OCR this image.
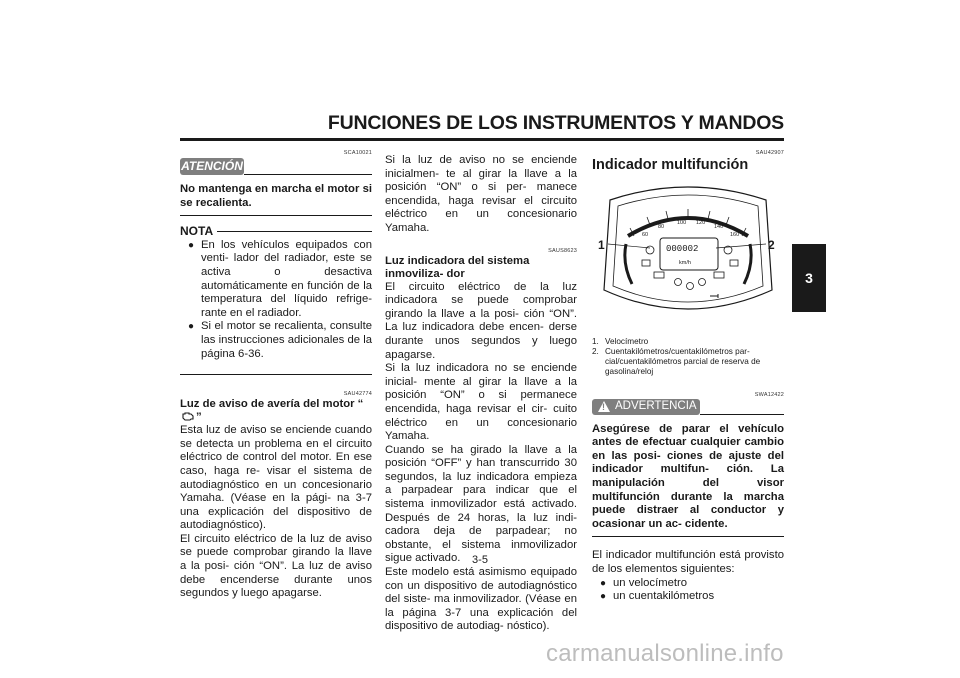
FUNCIONES DE LOS INSTRUMENTOS Y MANDOS
3
SCA10021
ATENCIÓN
No mantenga en marcha el motor si se recalienta.
NOTA
● En los vehículos equipados con venti- lador del radiador, este se activa o desactiva automáticamente en función de la temperatura del líquido refrige- rante en el radiador.
● Si el motor se recalienta, consulte las instrucciones adicionales de la página 6-36.
SAU42774
Luz de aviso de avería del motor “”
Esta luz de aviso se enciende cuando se detecta un problema en el circuito eléctrico de control del motor. En ese caso, haga re- visar el sistema de autodiagnóstico en un concesionario Yamaha. (Véase en la pági- na 3-7 una explicación del dispositivo de autodiagnóstico).
El circuito eléctrico de la luz de aviso se puede comprobar girando la llave a la posi- ción “ON”. La luz de aviso debe encenderse durante unos segundos y luego apagarse.
Si la luz de aviso no se enciende inicialmen- te al girar la llave a la posición “ON” o si per- manece encendida, haga revisar el circuito eléctrico en un concesionario Yamaha.
SAUS8623
Luz indicadora del sistema inmoviliza- dor
El circuito eléctrico de la luz indicadora se puede comprobar girando la llave a la posi- ción “ON”. La luz indicadora debe encen- derse durante unos segundos y luego apagarse.
Si la luz indicadora no se enciende inicial- mente al girar la llave a la posición “ON” o si permanece encendida, haga revisar el cir- cuito eléctrico en un concesionario Yamaha.
Cuando se ha girado la llave a la posición “OFF” y han transcurrido 30 segundos, la luz indicadora empieza a parpadear para indicar que el sistema inmovilizador está activado. Después de 24 horas, la luz indi- cadora deja de parpadear; no obstante, el sistema inmovilizador sigue activado.
Este modelo está asimismo equipado con un dispositivo de autodiagnóstico del siste- ma inmovilizador. (Véase en la página 3-7 una explicación del dispositivo de autodiag- nóstico).
SAU42907
Indicador multifunción
60
80
100 120
140
160
000002
km/h
1	2
1. Velocímetro
2. Cuentakilómetros/cuentakilómetros par- cial/cuentakilómetros parcial de reserva de gasolina/reloj
SWA12422
! ADVERTENCIA
Asegúrese de parar el vehículo antes de efectuar cualquier cambio en las posi- ciones de ajuste del indicador multifun- ción. La manipulación del visor multifunción durante la marcha puede distraer al conductor y ocasionar un ac- cidente.
El indicador multifunción está provisto de los elementos siguientes:
● un velocímetro
● un cuentakilómetros
3-5
carmanualsonline.info
